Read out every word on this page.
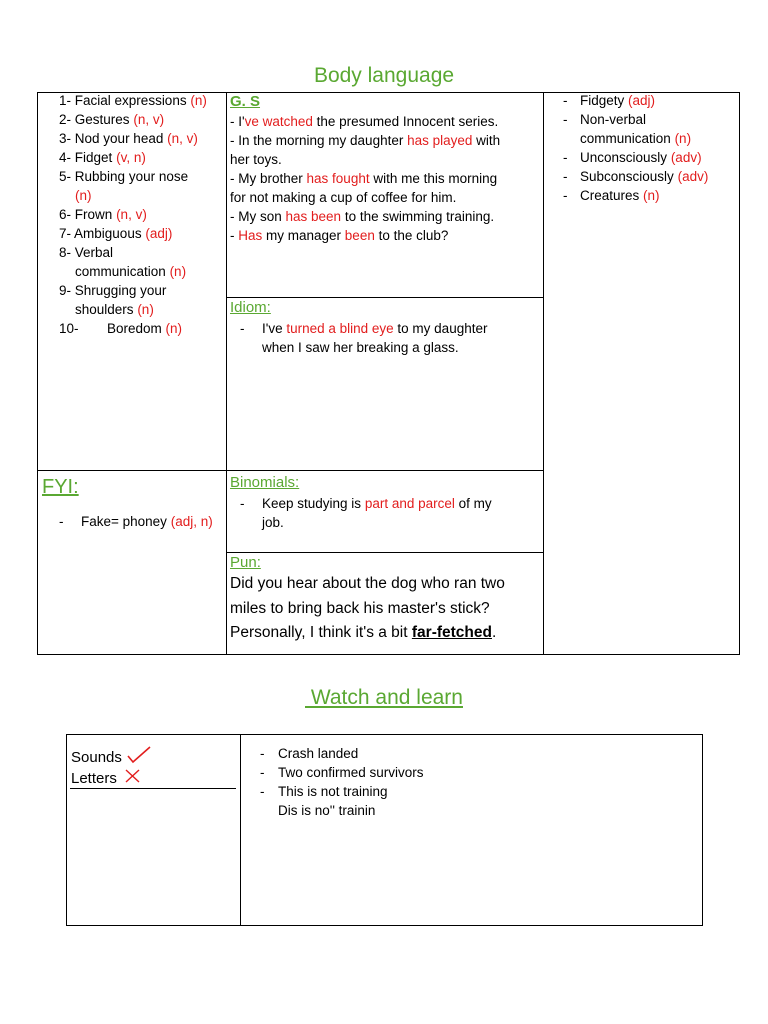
Body language
1- Facial expressions (n)
2- Gestures (n, v)
3- Nod your head (n, v)
4- Fidget (v, n)
5- Rubbing your nose
(n)
6- Frown (n, v)
7- Ambiguous (adj)
8- Verbal
communication (n)
9- Shrugging your
shoulders (n)
10- Boredom (n)
FYI:
- Fake= phoney (adj, n)
G. S
- I've watched the presumed Innocent series.
- In the morning my daughter has played with
her toys.
- My brother has fought with me this morning
for not making a cup of coffee for him.
- My son has been to the swimming training.
- Has my manager been to the club?
Idiom:
- I've turned a blind eye to my daughter
when I saw her breaking a glass.
Binomials:
- Keep studying is part and parcel of my
job.
Pun:
Did you hear about the dog who ran two
miles to bring back his master's stick?
Personally, I think it's a bit far-fetched.
- Fidgety (adj)
- Non-verbal
communication (n)
- Unconsciously (adv)
- Subconsciously (adv)
- Creatures (n)
Watch and learn
Sounds
Letters
- Crash landed
- Two confirmed survivors
- This is not training
Dis is no'' trainin
